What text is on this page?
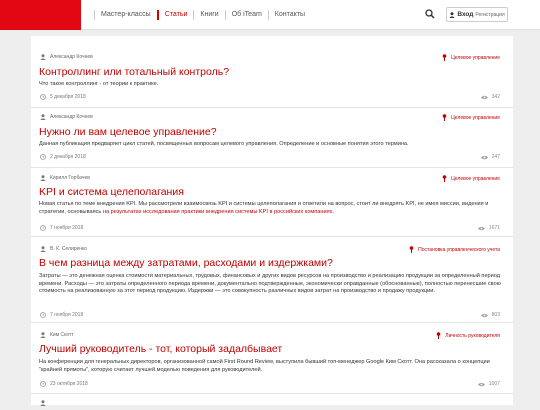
Мастер-классы	Статьи	Книги	Об iTeam	Контакты	Вход Регистрация
Александр Кочнев	Целевое управление
Контроллинг или тотальный контроль?
Что такое контроллинг - от теории к практике.
5 декабря 2018	342
Александр Кочнев	Целевое управление
Нужно ли вам целевое управление?
Данная публикация предваряет цикл статей, посвященных вопросам целевого управления. Определение и основные понятия этого термина.
2 декабря 2018	247
Кирилл Горбачев	Целевое управление
KPI и система целеполагания
Новая статья по теме внедрения KPI. Мы рассмотрели взаимосвязь KPI и системы целеполагания и ответили на вопрос, стоит ли внедрять KPI, не имея миссии, видения и стратегии, основываясь на результатах исследования практики внедрения системы KPI в российских компаниях.
7 ноября 2018	1671
В. К. Селиренко	Постановка управленческого учета
В чем разница между затратами, расходами и издержками?
Затраты — это денежная оценка стоимости материальных, трудовых, финансовых и других видов ресурсов на производство и реализацию продукции за определенный период времени. Расходы — это затраты определенного периода времени, документально подтвержденные, экономически оправданные (обоснованные), полностью перенесшие свою стоимость на реализованную за этот период продукцию. Издержки — это совокупность различных видов затрат на производство и продажу продукции.
7 ноября 2018	803
Ким Скотт	Личность руководителя
Лучший руководитель - тот, который задалбывает
На конференции для генеральных директоров, организованной самой First Round Review, выступила бывший топ-менеджер Google Ким Скотт. Она рассказала о концепции "крайней прямоты", которую считает лучшей моделью поведения для руководителей.
23 октября 2018	1007
